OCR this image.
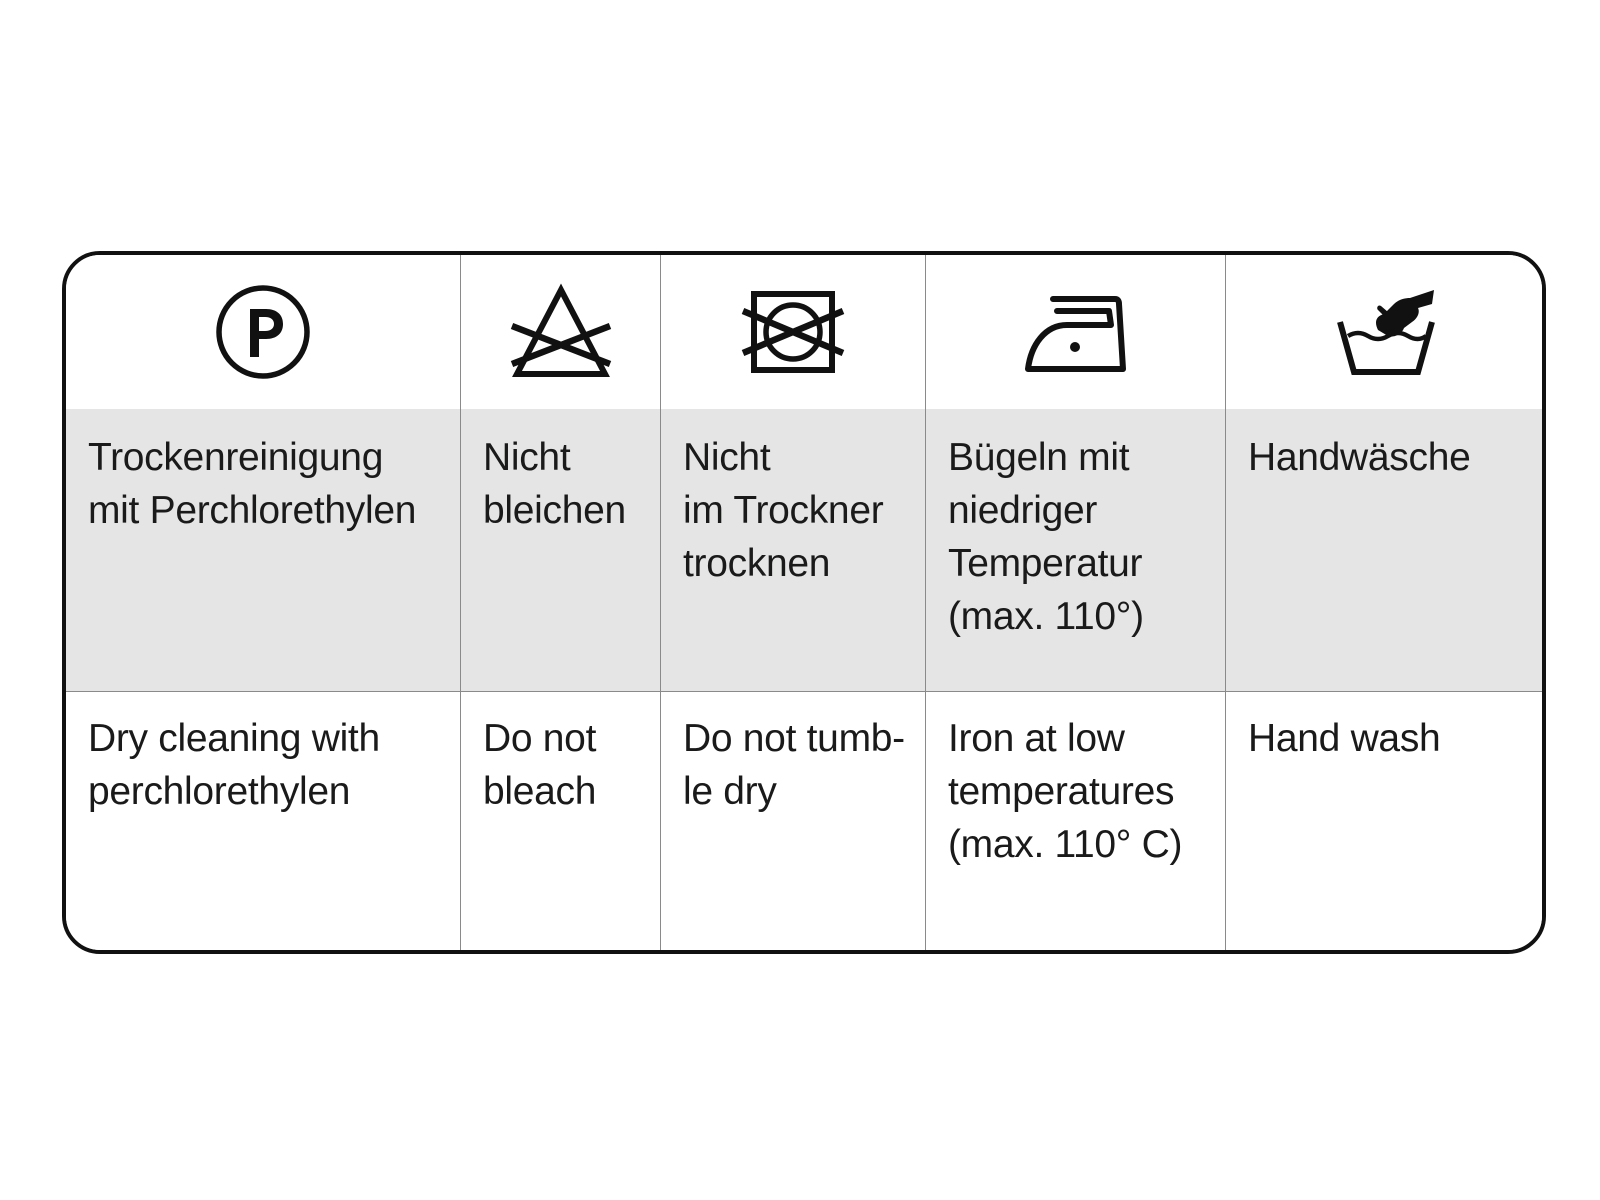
Trockenreinigung
mit Perchlorethylen
Nicht
bleichen
Nicht
im Trockner
trocknen
Bügeln mit
niedriger
Temperatur
(max. 110°)
Handwäsche
Dry cleaning with
perchlorethylen
Do not
bleach
Do not tumb-
le dry
Iron at low
temperatures
(max. 110° C)
Hand wash
